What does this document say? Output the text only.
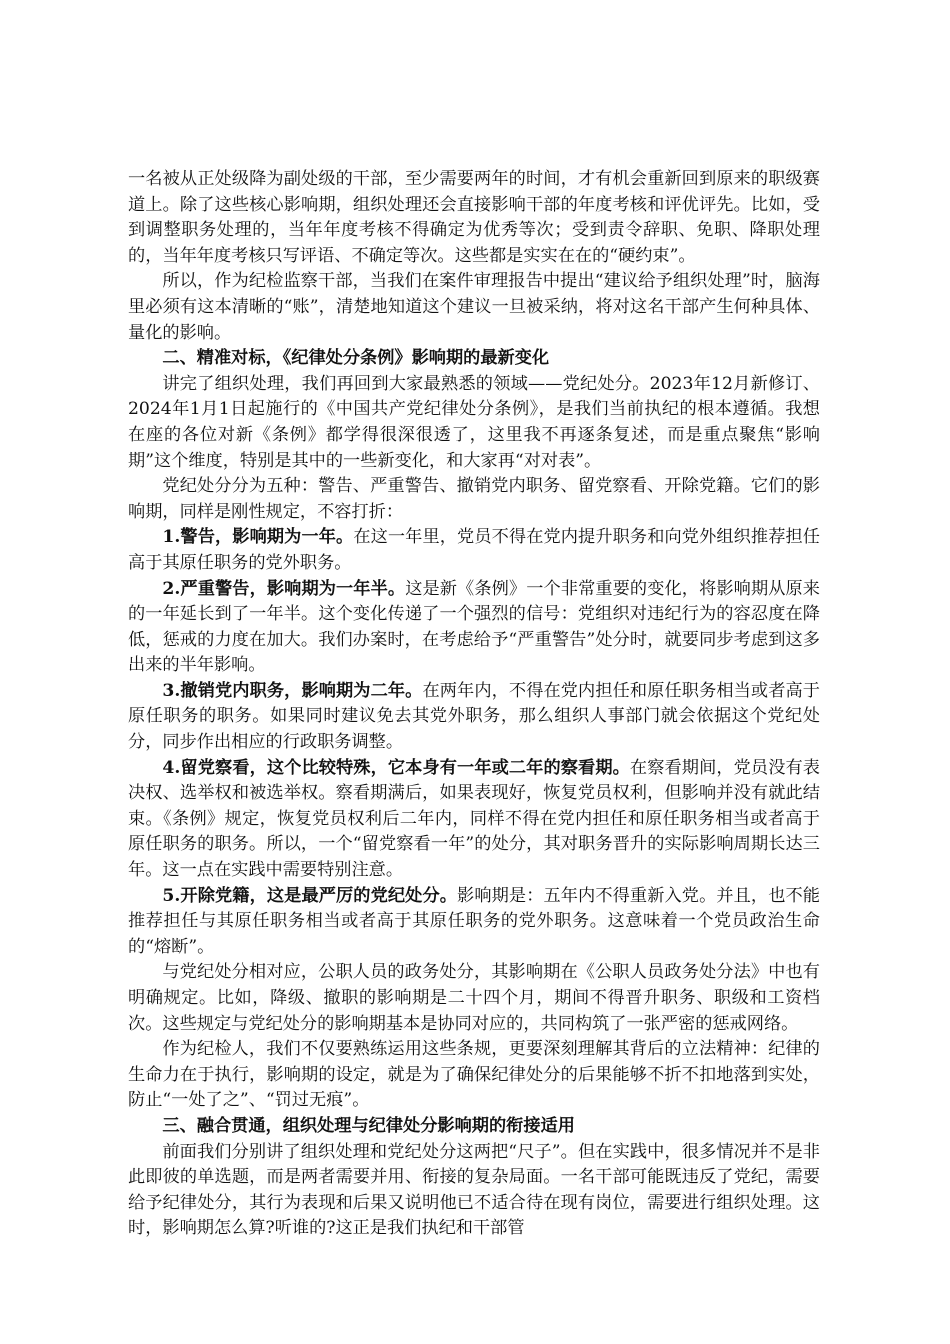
一名被从正处级降为副处级的干部，至少需要两年的时间，才有机会重新回到原来的职级赛道上。除了这些核心影响期，组织处理还会直接影响干部的年度考核和评优评先。比如，受到调整职务处理的，当年年度考核不得确定为优秀等次；受到责令辞职、免职、降职处理的，当年年度考核只写评语、不确定等次。这些都是实实在在的“硬约束”。

所以，作为纪检监察干部，当我们在案件审理报告中提出“建议给予组织处理”时，脑海里必须有这本清晰的“账”，清楚地知道这个建议一旦被采纳，将对这名干部产生何种具体、量化的影响。

二、精准对标，《纪律处分条例》影响期的最新变化

讲完了组织处理，我们再回到大家最熟悉的领域——党纪处分。2023年12月新修订、2024年1月1日起施行的《中国共产党纪律处分条例》，是我们当前执纪的根本遵循。我想在座的各位对新《条例》都学得很深很透了，这里我不再逐条复述，而是重点聚焦“影响期”这个维度，特别是其中的一些新变化，和大家再“对对表”。

党纪处分分为五种：警告、严重警告、撤销党内职务、留党察看、开除党籍。它们的影响期，同样是刚性规定，不容打折：

1.警告，影响期为一年。在这一年里，党员不得在党内提升职务和向党外组织推荐担任高于其原任职务的党外职务。

2.严重警告，影响期为一年半。这是新《条例》一个非常重要的变化，将影响期从原来的一年延长到了一年半。这个变化传递了一个强烈的信号：党组织对违纪行为的容忍度在降低，惩戒的力度在加大。我们办案时，在考虑给予“严重警告”处分时，就要同步考虑到这多出来的半年影响。

3.撤销党内职务，影响期为二年。在两年内，不得在党内担任和原任职务相当或者高于原任职务的职务。如果同时建议免去其党外职务，那么组织人事部门就会依据这个党纪处分，同步作出相应的行政职务调整。

4.留党察看，这个比较特殊，它本身有一年或二年的察看期。在察看期间，党员没有表决权、选举权和被选举权。察看期满后，如果表现好，恢复党员权利，但影响并没有就此结束。《条例》规定，恢复党员权利后二年内，同样不得在党内担任和原任职务相当或者高于原任职务的职务。所以，一个“留党察看一年”的处分，其对职务晋升的实际影响周期长达三年。这一点在实践中需要特别注意。

5.开除党籍，这是最严厉的党纪处分。影响期是：五年内不得重新入党。并且，也不能推荐担任与其原任职务相当或者高于其原任职务的党外职务。这意味着一个党员政治生命的“熔断”。

与党纪处分相对应，公职人员的政务处分，其影响期在《公职人员政务处分法》中也有明确规定。比如，降级、撤职的影响期是二十四个月，期间不得晋升职务、职级和工资档次。这些规定与党纪处分的影响期基本是协同对应的，共同构筑了一张严密的惩戒网络。

作为纪检人，我们不仅要熟练运用这些条规，更要深刻理解其背后的立法精神：纪律的生命力在于执行，影响期的设定，就是为了确保纪律处分的后果能够不折不扣地落到实处，防止“一处了之”、“罚过无痕”。

三、融合贯通，组织处理与纪律处分影响期的衔接适用

前面我们分别讲了组织处理和党纪处分这两把“尺子”。但在实践中，很多情况并不是非此即彼的单选题，而是两者需要并用、衔接的复杂局面。一名干部可能既违反了党纪，需要给予纪律处分，其行为表现和后果又说明他已不适合待在现有岗位，需要进行组织处理。这时，影响期怎么算?听谁的?这正是我们执纪和干部管
